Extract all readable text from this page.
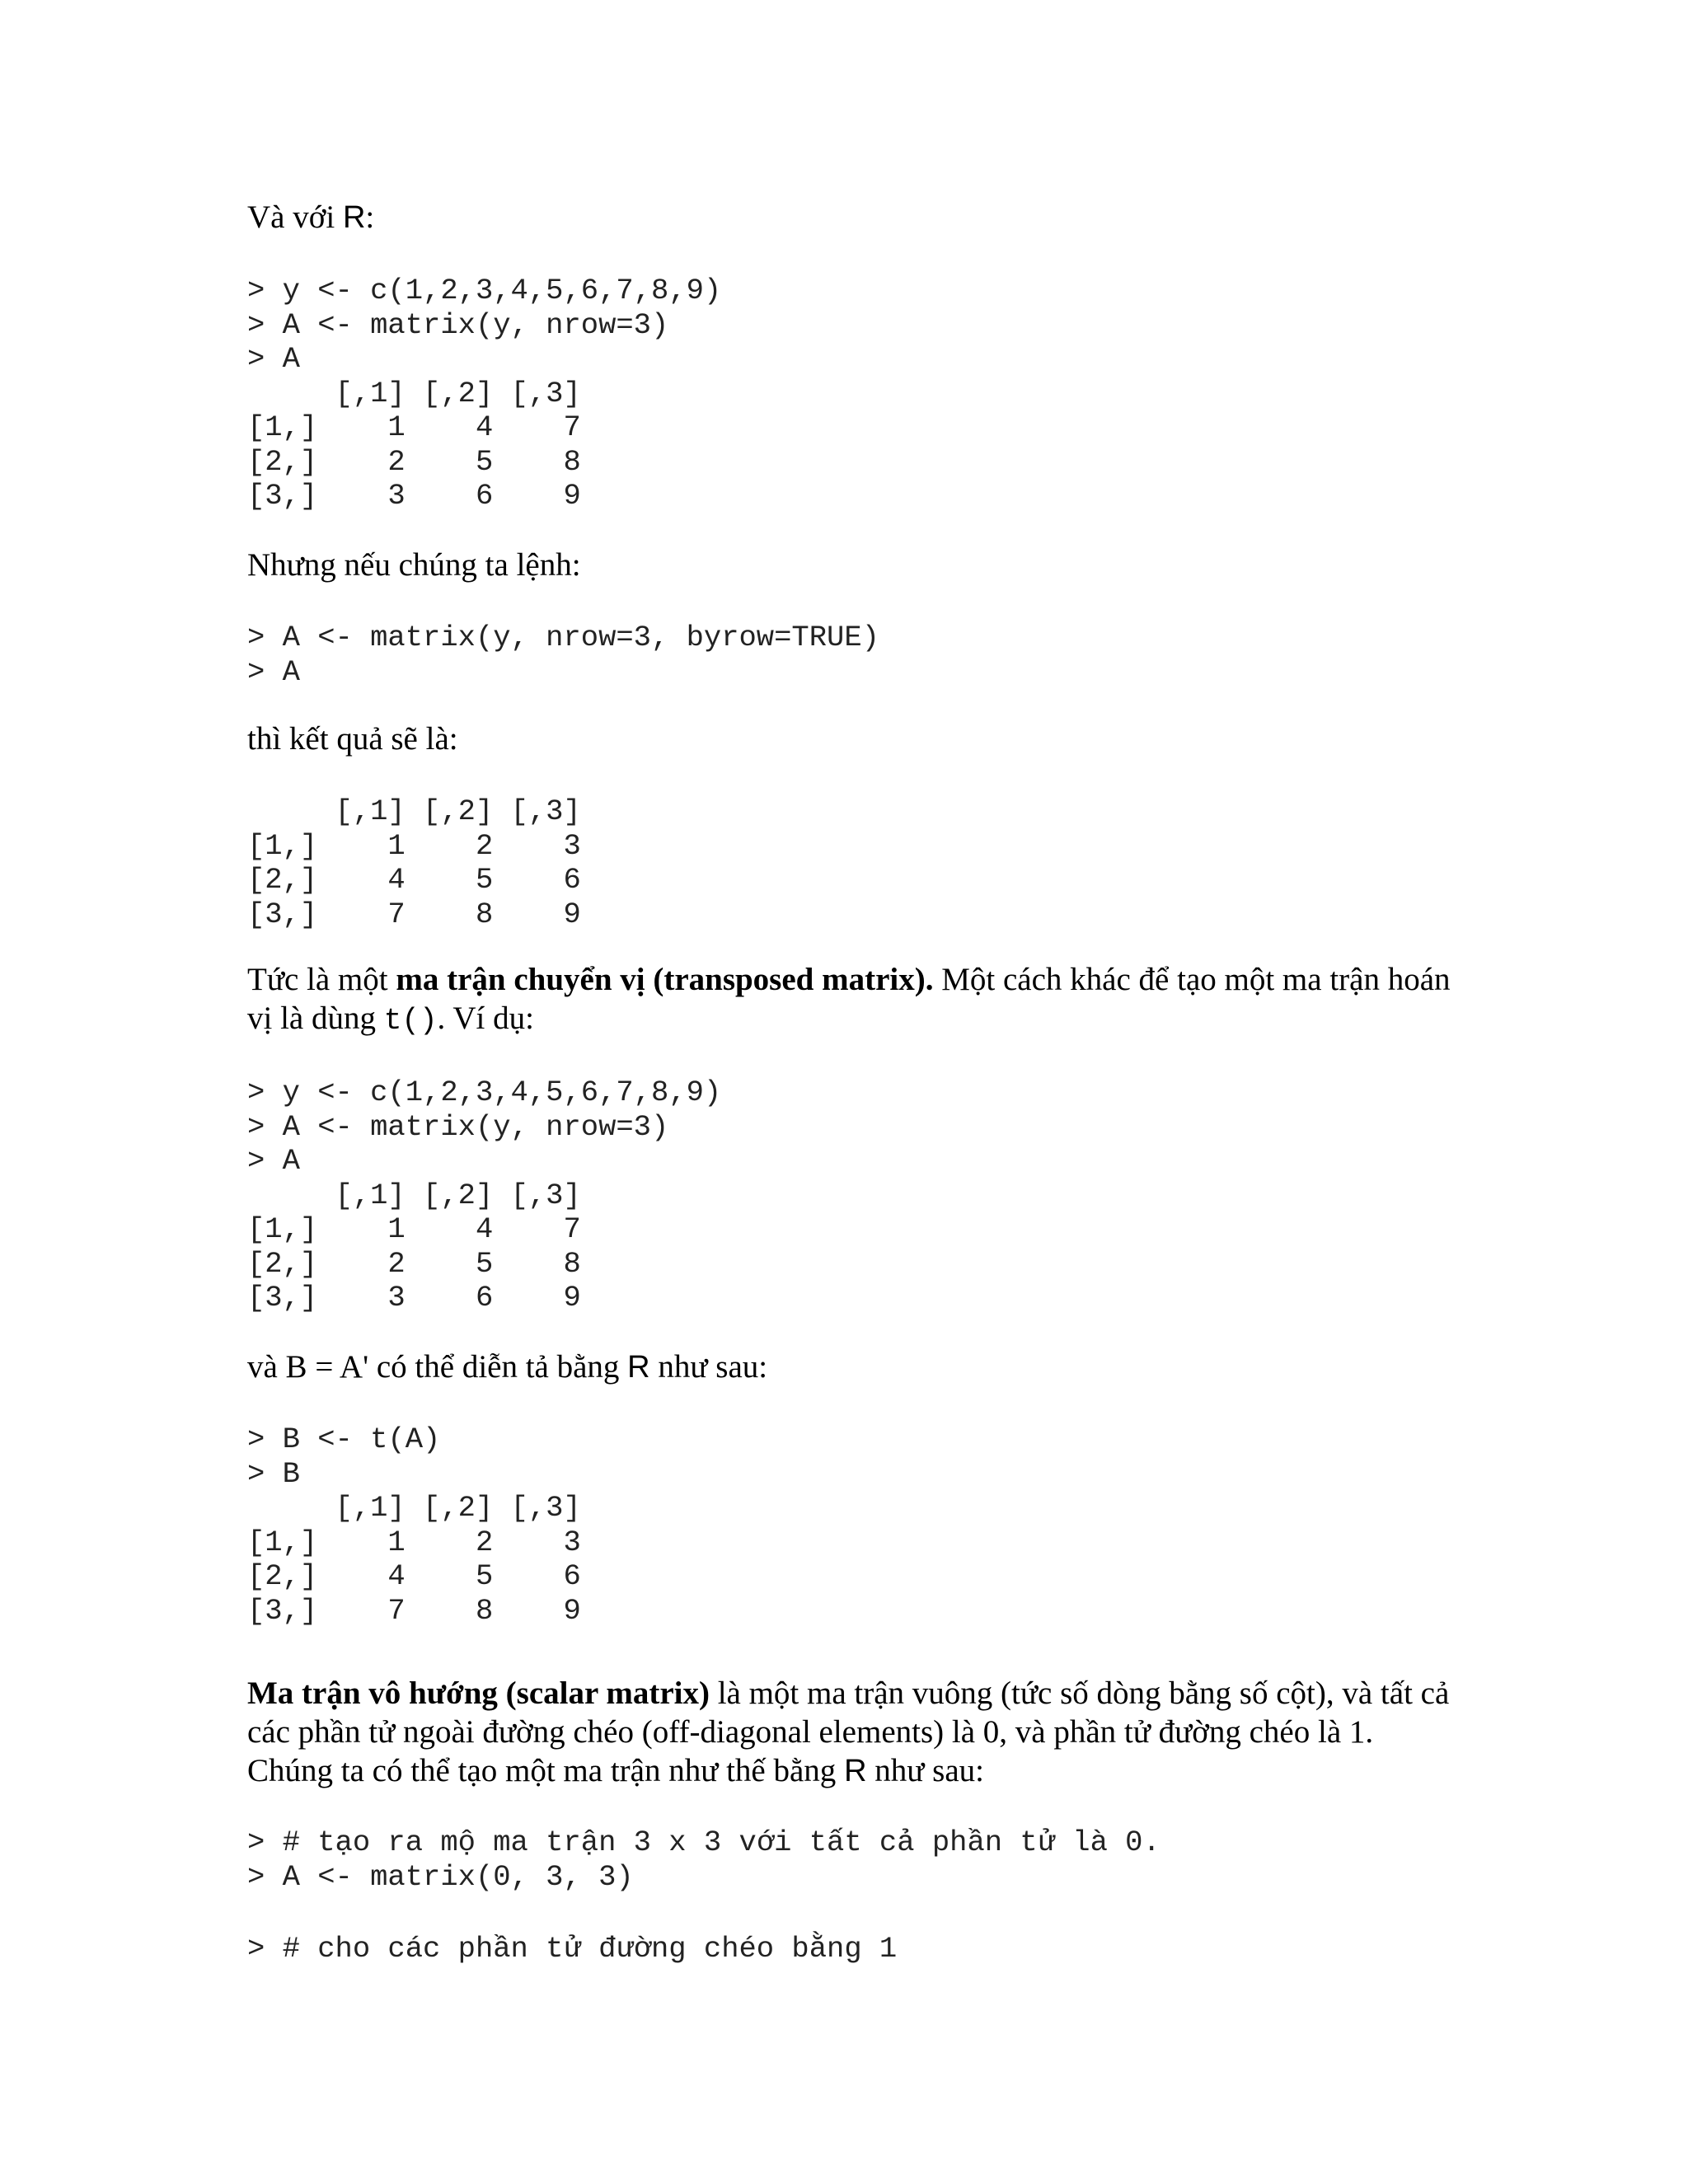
Và với R:

> y <- c(1,2,3,4,5,6,7,8,9)
> A <- matrix(y, nrow=3)
> A
[,1] [,2] [,3]
[1,]    1    4    7
[2,]    2    5    8
[3,]    3    6    9

Nhưng nếu chúng ta lệnh:

> A <- matrix(y, nrow=3, byrow=TRUE)
> A

thì kết quả sẽ là:

[,1] [,2] [,3]
[1,]    1    2    3
[2,]    4    5    6
[3,]    7    8    9

Tức là một ma trận chuyển vị (transposed matrix). Một cách khác để tạo một ma trận hoán vị là dùng t(). Ví dụ:

> y <- c(1,2,3,4,5,6,7,8,9)
> A <- matrix(y, nrow=3)
> A
[,1] [,2] [,3]
[1,]    1    4    7
[2,]    2    5    8
[3,]    3    6    9

và B = A' có thể diễn tả bằng R như sau:

> B <- t(A)
> B
[,1] [,2] [,3]
[1,]    1    2    3
[2,]    4    5    6
[3,]    7    8    9

Ma trận vô hướng (scalar matrix) là một ma trận vuông (tức số dòng bằng số cột), và tất cả các phần tử ngoài đường chéo (off-diagonal elements) là 0, và phần tử đường chéo là 1. Chúng ta có thể tạo một ma trận như thế bằng R như sau:

> # tạo ra mộ ma trận 3 x 3 với tất cả phần tử là 0.
> A <- matrix(0, 3, 3)
> # cho các phần tử đường chéo bằng 1
